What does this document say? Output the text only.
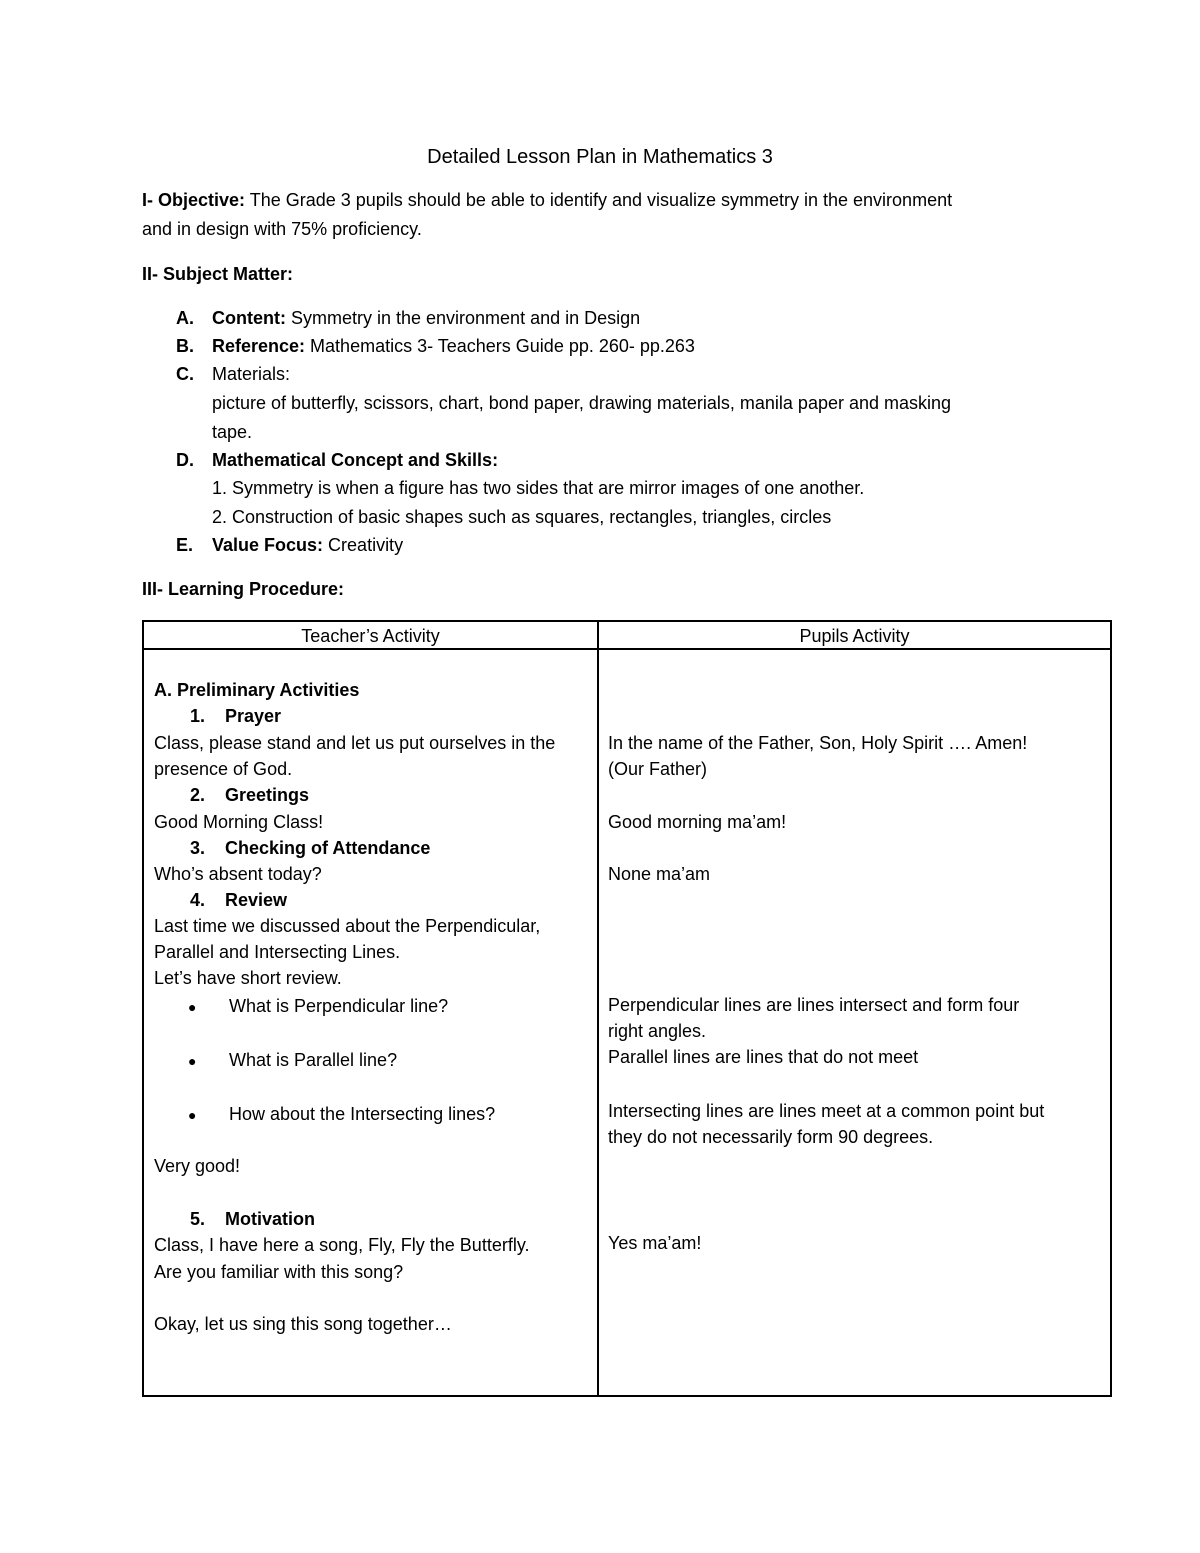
Detailed Lesson Plan in Mathematics 3
I- Objective: The Grade 3 pupils should be able to identify and visualize symmetry in the environment
and in design with 75% proficiency.
II- Subject Matter:
A. Content: Symmetry in the environment and in Design
B. Reference: Mathematics 3- Teachers Guide pp. 260- pp.263
C. Materials:
picture of butterfly, scissors, chart, bond paper, drawing materials, manila paper and masking
tape.
D. Mathematical Concept and Skills:
1. Symmetry is when a figure has two sides that are mirror images of one another.
2. Construction of basic shapes such as squares, rectangles, triangles, circles
E. Value Focus: Creativity
III- Learning Procedure:
Teacher’s Activity	Pupils Activity
A. Preliminary Activities
1. Prayer
Class, please stand and let us put ourselves in the
presence of God.
2. Greetings
Good Morning Class!
3. Checking of Attendance
Who’s absent today?
4. Review
Last time we discussed about the Perpendicular,
Parallel and Intersecting Lines.
Let’s have short review.
● What is Perpendicular line?
● What is Parallel line?
● How about the Intersecting lines?
Very good!
5. Motivation
Class, I have here a song, Fly, Fly the Butterfly.
Are you familiar with this song?
Okay, let us sing this song together…
In the name of the Father, Son, Holy Spirit …. Amen!
(Our Father)
Good morning ma’am!
None ma’am
Perpendicular lines are lines intersect and form four
right angles.
Parallel lines are lines that do not meet
Intersecting lines are lines meet at a common point but
they do not necessarily form 90 degrees.
Yes ma’am!
